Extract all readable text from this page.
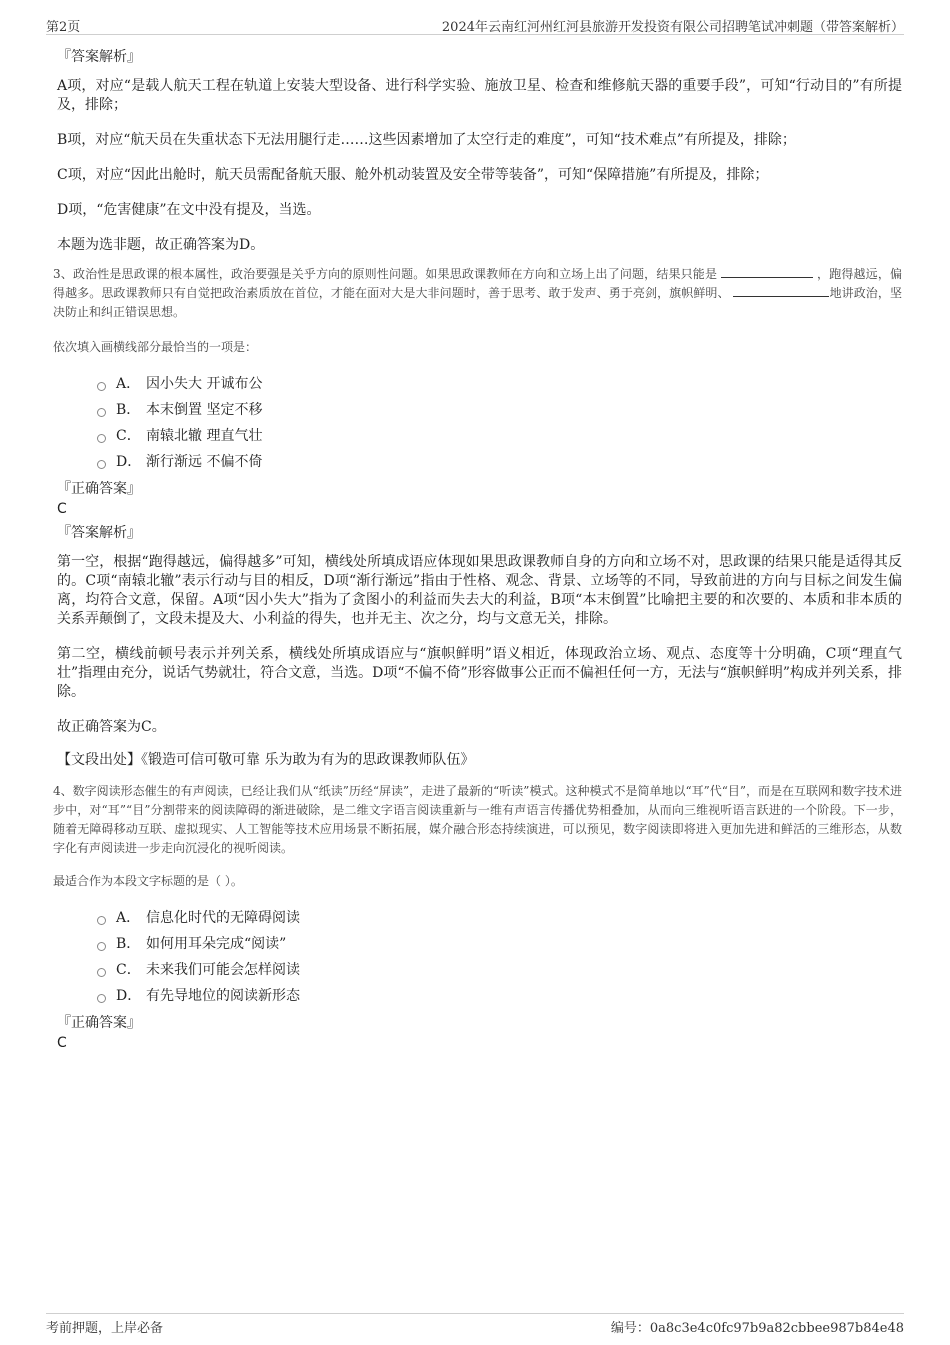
第2页	2024年云南红河州红河县旅游开发投资有限公司招聘笔试冲刺题（带答案解析）

『答案解析』

A项，对应“是载人航天工程在轨道上安装大型设备、进行科学实验、施放卫星、检查和维修航天器的重要手段”，可知“行动目的”有所提及，排除；

B项，对应“航天员在失重状态下无法用腿行走……这些因素增加了太空行走的难度”，可知“技术难点”有所提及，排除；

C项，对应“因此出舱时，航天员需配备航天服、舱外机动装置及安全带等装备”，可知“保障措施”有所提及，排除；

D项，“危害健康”在文中没有提及，当选。

本题为选非题，故正确答案为D。

3、政治性是思政课的根本属性，政治要强是关乎方向的原则性问题。如果思政课教师在方向和立场上出了问题，结果只能是	，跑得越远，偏得越多。思政课教师只有自觉把政治素质放在首位，才能在面对大是大非问题时，善于思考、敢于发声、勇于亮剑，旗帜鲜明、	地讲政治，坚决防止和纠正错误思想。

依次填入画横线部分最恰当的一项是：

A． 因小失大 开诚布公
B． 本末倒置 坚定不移
C． 南辕北辙 理直气壮
D． 渐行渐远 不偏不倚

『正确答案』

C

『答案解析』

第一空，根据“跑得越远，偏得越多”可知，横线处所填成语应体现如果思政课教师自身的方向和立场不对，思政课的结果只能是适得其反的。C项“南辕北辙”表示行动与目的相反，D项“渐行渐远”指由于性格、观念、背景、立场等的不同，导致前进的方向与目标之间发生偏离，均符合文意，保留。A项“因小失大”指为了贪图小的利益而失去大的利益，B项“本末倒置”比喻把主要的和次要的、本质和非本质的关系弄颠倒了，文段未提及大、小利益的得失，也并无主、次之分，均与文意无关，排除。

第二空，横线前顿号表示并列关系，横线处所填成语应与“旗帜鲜明”语义相近，体现政治立场、观点、态度等十分明确，C项“理直气壮”指理由充分，说话气势就壮，符合文意，当选。D项“不偏不倚”形容做事公正而不偏袒任何一方，无法与“旗帜鲜明”构成并列关系，排除。

故正确答案为C。

【文段出处】《锻造可信可敬可靠 乐为敢为有为的思政课教师队伍》

4、数字阅读形态催生的有声阅读，已经让我们从“纸读”历经“屏读”，走进了最新的“听读”模式。这种模式不是简单地以“耳”代“目”，而是在互联网和数字技术进步中，对“耳”“目”分割带来的阅读障碍的渐进破除，是二维文字语言阅读重新与一维有声语言传播优势相叠加，从而向三维视听语言跃进的一个阶段。下一步，随着无障碍移动互联、虚拟现实、人工智能等技术应用场景不断拓展，媒介融合形态持续演进，可以预见，数字阅读即将进入更加先进和鲜活的三维形态，从数字化有声阅读进一步走向沉浸化的视听阅读。

最适合作为本段文字标题的是（ ）。

A． 信息化时代的无障碍阅读
B． 如何用耳朵完成“阅读”
C． 未来我们可能会怎样阅读
D． 有先导地位的阅读新形态

『正确答案』

C

考前押题，上岸必备	编号：0a8c3e4c0fc97b9a82cbbee987b84e48
